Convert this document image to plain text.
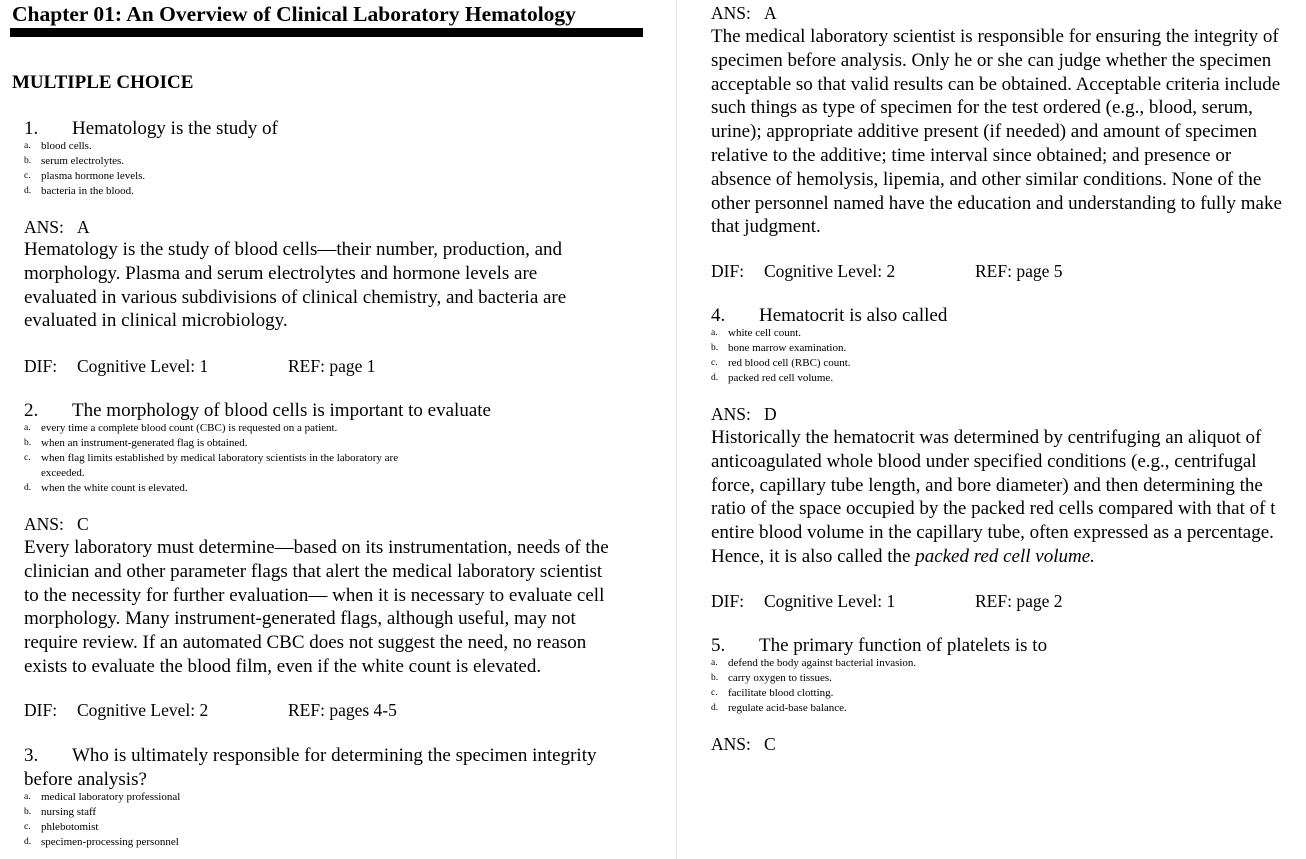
Chapter 01: An Overview of Clinical Laboratory Hematology
MULTIPLE CHOICE
1. Hematology is the study of
a. blood cells.
b. serum electrolytes.
c. plasma hormone levels.
d. bacteria in the blood.
ANS: A
Hematology is the study of blood cells—their number, production, and
morphology. Plasma and serum electrolytes and hormone levels are
evaluated in various subdivisions of clinical chemistry, and bacteria are
evaluated in clinical microbiology.
DIF: Cognitive Level: 1	REF: page 1
2. The morphology of blood cells is important to evaluate
a. every time a complete blood count (CBC) is requested on a patient.
b. when an instrument-generated flag is obtained.
c. when flag limits established by medical laboratory scientists in the laboratory are
exceeded.
d. when the white count is elevated.
ANS: C
Every laboratory must determine—based on its instrumentation, needs of the
clinician and other parameter flags that alert the medical laboratory scientist
to the necessity for further evaluation— when it is necessary to evaluate cell
morphology. Many instrument-generated flags, although useful, may not
require review. If an automated CBC does not suggest the need, no reason
exists to evaluate the blood film, even if the white count is elevated.
DIF: Cognitive Level: 2	REF: pages 4-5
3. Who is ultimately responsible for determining the specimen integrity
before analysis?
a. medical laboratory professional
b. nursing staff
c. phlebotomist
d. specimen-processing personnel
ANS: A
The medical laboratory scientist is responsible for ensuring the integrity of
specimen before analysis. Only he or she can judge whether the specimen
acceptable so that valid results can be obtained. Acceptable criteria include
such things as type of specimen for the test ordered (e.g., blood, serum,
urine); appropriate additive present (if needed) and amount of specimen
relative to the additive; time interval since obtained; and presence or
absence of hemolysis, lipemia, and other similar conditions. None of the
other personnel named have the education and understanding to fully make
that judgment.
DIF: Cognitive Level: 2	REF: page 5
4. Hematocrit is also called
a. white cell count.
b. bone marrow examination.
c. red blood cell (RBC) count.
d. packed red cell volume.
ANS: D
Historically the hematocrit was determined by centrifuging an aliquot of
anticoagulated whole blood under specified conditions (e.g., centrifugal
force, capillary tube length, and bore diameter) and then determining the
ratio of the space occupied by the packed red cells compared with that of t
entire blood volume in the capillary tube, often expressed as a percentage.
Hence, it is also called the packed red cell volume.
DIF: Cognitive Level: 1	REF: page 2
5. The primary function of platelets is to
a. defend the body against bacterial invasion.
b. carry oxygen to tissues.
c. facilitate blood clotting.
d. regulate acid-base balance.
ANS: C
